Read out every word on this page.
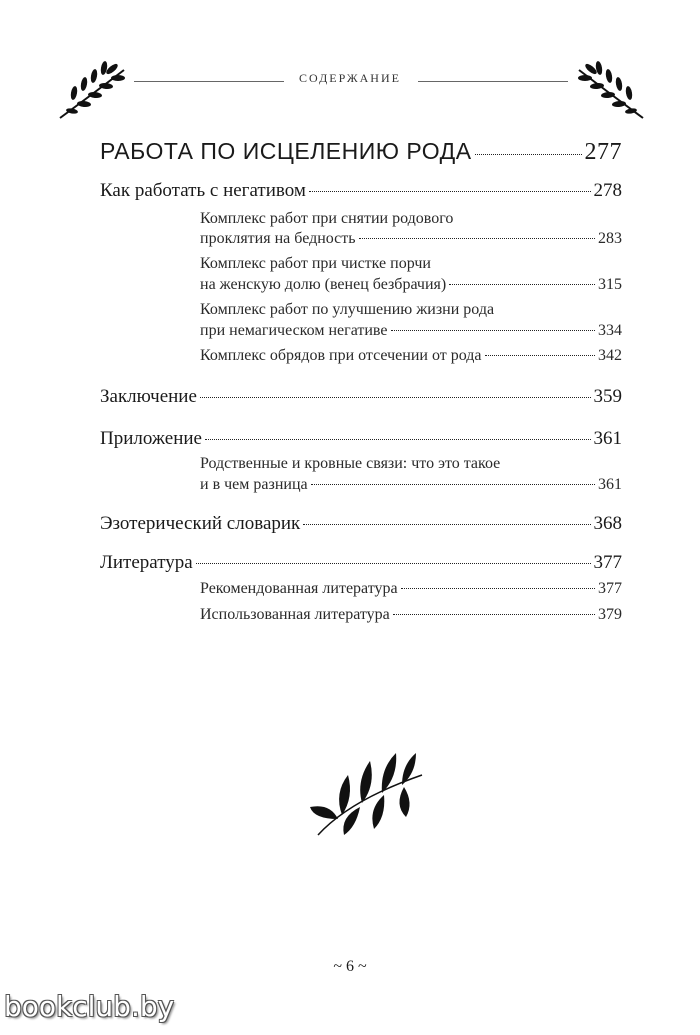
СОДЕРЖАНИЕ
РАБОТА ПО ИСЦЕЛЕНИЮ РОДА	277
Как работать с негативом	278
Комплекс работ при снятии родового
проклятия на бедность	283
Комплекс работ при чистке порчи
на женскую долю (венец безбрачия)	315
Комплекс работ по улучшению жизни рода
при немагическом негативе	334
Комплекс обрядов при отсечении от рода	342
Заключение	359
Приложение	361
Родственные и кровные связи: что это такое
и в чем разница	361
Эзотерический словарик	368
Литература	377
Рекомендованная литература	377
Использованная литература	379
~ 6 ~
bookclub.by
